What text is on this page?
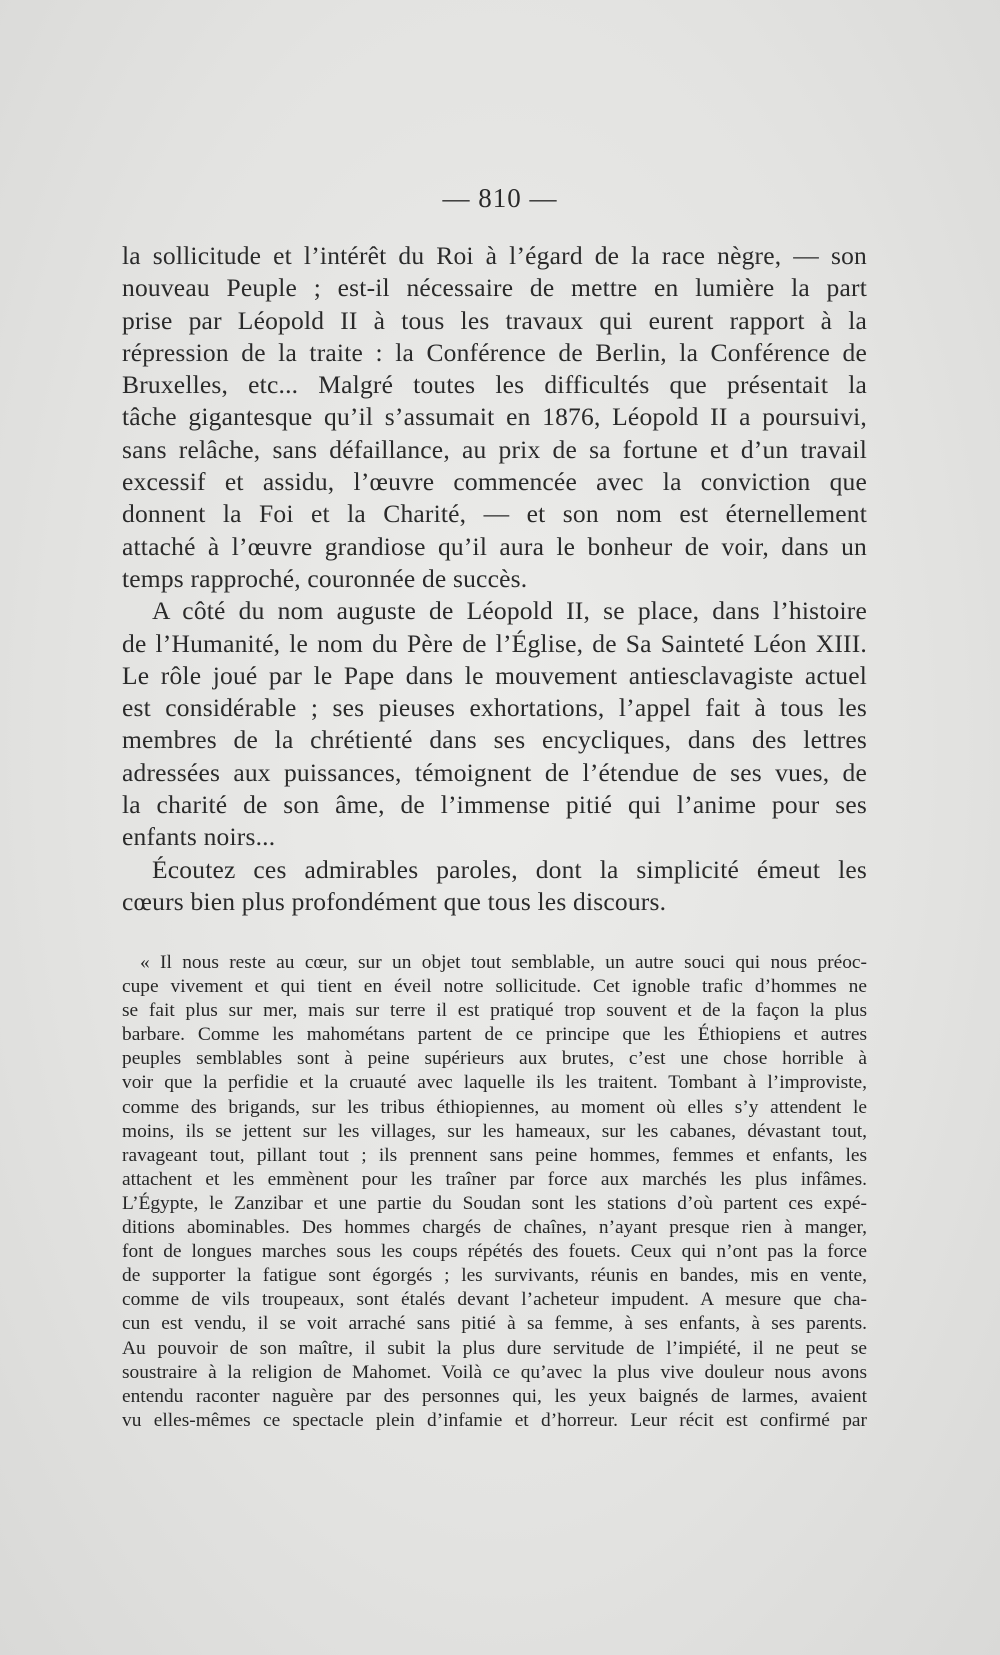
— 810 —
la sollicitude et l’intérêt du Roi à l’égard de la race nègre, — son
nouveau Peuple ; est-il nécessaire de mettre en lumière la part
prise par Léopold II à tous les travaux qui eurent rapport à la
répression de la traite : la Conférence de Berlin, la Conférence de
Bruxelles, etc... Malgré toutes les difficultés que présentait la
tâche gigantesque qu’il s’assumait en 1876, Léopold II a poursuivi,
sans relâche, sans défaillance, au prix de sa fortune et d’un travail
excessif et assidu, l’œuvre commencée avec la conviction que
donnent la Foi et la Charité, — et son nom est éternellement
attaché à l’œuvre grandiose qu’il aura le bonheur de voir, dans un
temps rapproché, couronnée de succès.
A côté du nom auguste de Léopold II, se place, dans l’histoire
de l’Humanité, le nom du Père de l’Église, de Sa Sainteté Léon XIII.
Le rôle joué par le Pape dans le mouvement antiesclavagiste actuel
est considérable ; ses pieuses exhortations, l’appel fait à tous les
membres de la chrétienté dans ses encycliques, dans des lettres
adressées aux puissances, témoignent de l’étendue de ses vues, de
la charité de son âme, de l’immense pitié qui l’anime pour ses
enfants noirs...
Écoutez ces admirables paroles, dont la simplicité émeut les
cœurs bien plus profondément que tous les discours.
« Il nous reste au cœur, sur un objet tout semblable, un autre souci qui nous préoc-
cupe vivement et qui tient en éveil notre sollicitude. Cet ignoble trafic d’hommes ne
se fait plus sur mer, mais sur terre il est pratiqué trop souvent et de la façon la plus
barbare. Comme les mahométans partent de ce principe que les Éthiopiens et autres
peuples semblables sont à peine supérieurs aux brutes, c’est une chose horrible à
voir que la perfidie et la cruauté avec laquelle ils les traitent. Tombant à l’improviste,
comme des brigands, sur les tribus éthiopiennes, au moment où elles s’y attendent le
moins, ils se jettent sur les villages, sur les hameaux, sur les cabanes, dévastant tout,
ravageant tout, pillant tout ; ils prennent sans peine hommes, femmes et enfants, les
attachent et les emmènent pour les traîner par force aux marchés les plus infâmes.
L’Égypte, le Zanzibar et une partie du Soudan sont les stations d’où partent ces expé-
ditions abominables. Des hommes chargés de chaînes, n’ayant presque rien à manger,
font de longues marches sous les coups répétés des fouets. Ceux qui n’ont pas la force
de supporter la fatigue sont égorgés ; les survivants, réunis en bandes, mis en vente,
comme de vils troupeaux, sont étalés devant l’acheteur impudent. A mesure que cha-
cun est vendu, il se voit arraché sans pitié à sa femme, à ses enfants, à ses parents.
Au pouvoir de son maître, il subit la plus dure servitude de l’impiété, il ne peut se
soustraire à la religion de Mahomet. Voilà ce qu’avec la plus vive douleur nous avons
entendu raconter naguère par des personnes qui, les yeux baignés de larmes, avaient
vu elles-mêmes ce spectacle plein d’infamie et d’horreur. Leur récit est confirmé par
